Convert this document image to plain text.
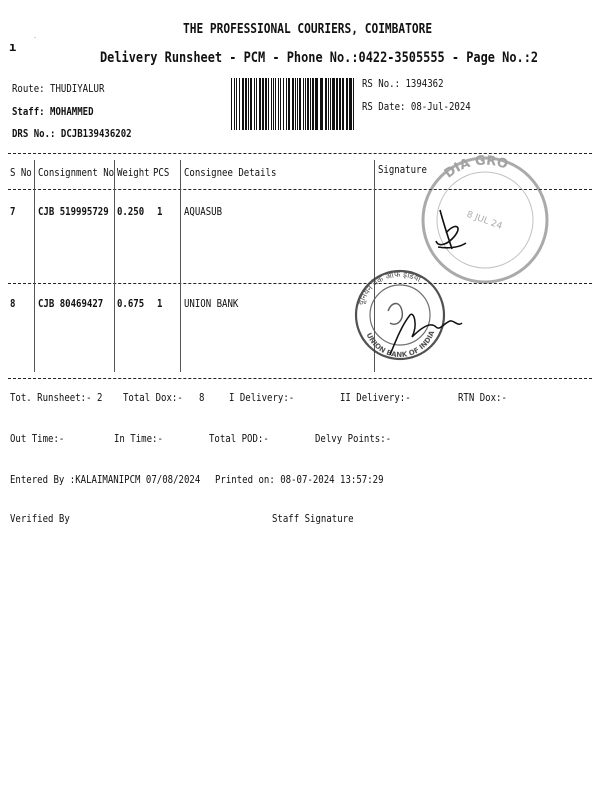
ı
·
THE PROFESSIONAL COURIERS, COIMBATORE
Delivery Runsheet - PCM - Phone No.:0422-3505555 - Page No.:2
Route: THUDIYALUR
Staff: MOHAMMED
DRS No.: DCJB139436202
RS No.: 1394362
RS Date: 08-Jul-2024
S No Consignment No Weight PCS Consignee Details	Signature
7 CJB 519995729 0.250 1 AQUASUB
8 CJB 80469427 0.675 1 UNION BANK
DIA GRO
8 JUL 24
यूनियन बैंक ऑफ इंडिया
UNION BANK OF INDIA
Tot. Runsheet:- 2 Total Dox:- 8 I Delivery:-	II Delivery:-	RTN Dox:-
Out Time:-	In Time:-	Total POD:-	Delvy Points:-
Entered By :KALAIMANIPCM 07/08/2024 Printed on: 08-07-2024 13:57:29
Verified By	Staff Signature
